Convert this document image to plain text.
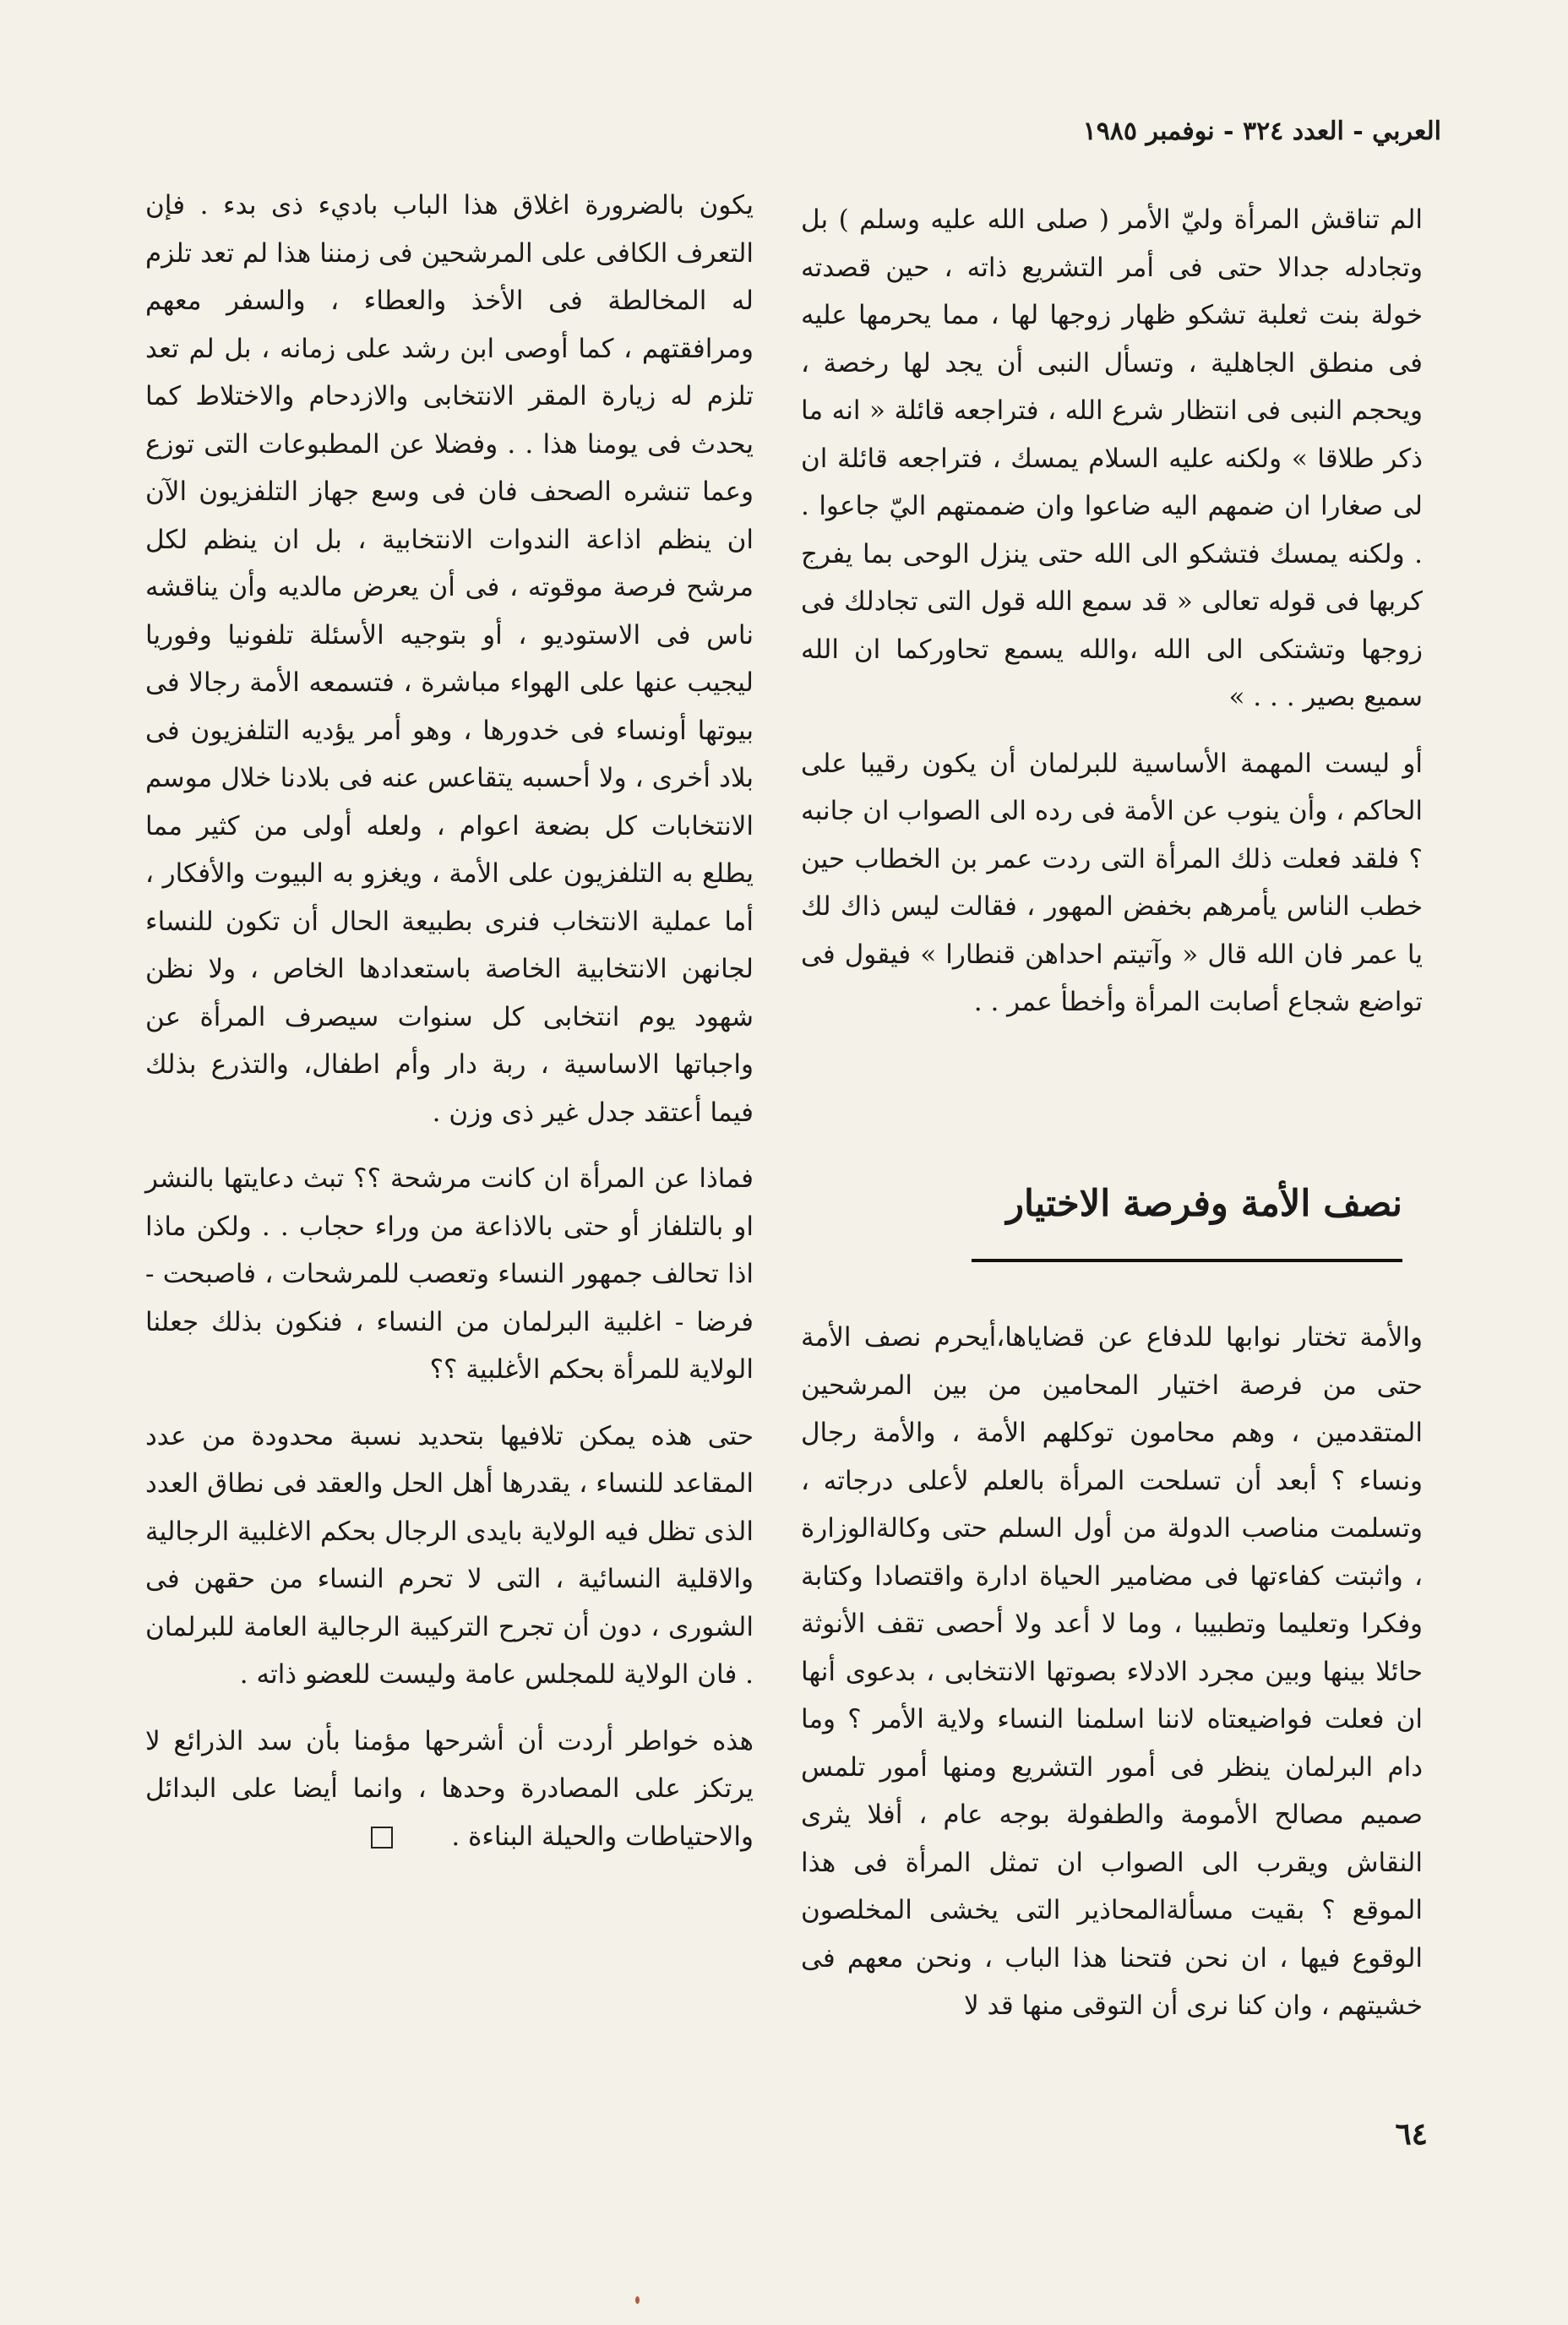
العربي - العدد ٣٢٤ - نوفمبر ١٩٨٥

الم تناقش المرأة وليّ الأمر ( صلى الله عليه وسلم ) بل وتجادله جدالا حتى فى أمر التشريع ذاته ، حين قصدته خولة بنت ثعلبة تشكو ظهار زوجها لها ، مما يحرمها عليه فى منطق الجاهلية ، وتسأل النبى أن يجد لها رخصة ، ويحجم النبى فى انتظار شرع الله ، فتراجعه قائلة « انه ما ذكر طلاقا » ولكنه عليه السلام يمسك ، فتراجعه قائلة ان لى صغارا ان ضمهم اليه ضاعوا وان ضممتهم اليّ جاعوا . . ولكنه يمسك فتشكو الى الله حتى ينزل الوحى بما يفرج كربها فى قوله تعالى « قد سمع الله قول التى تجادلك فى زوجها وتشتكى الى الله ،والله يسمع تحاوركما ان الله سميع بصير . . . »

أو ليست المهمة الأساسية للبرلمان أن يكون رقيبا على الحاكم ، وأن ينوب عن الأمة فى رده الى الصواب ان جانبه ؟ فلقد فعلت ذلك المرأة التى ردت عمر بن الخطاب حين خطب الناس يأمرهم بخفض المهور ، فقالت ليس ذاك لك يا عمر فان الله قال « وآتيتم احداهن قنطارا » فيقول فى تواضع شجاع أصابت المرأة وأخطأ عمر . .

نصف الأمة وفرصة الاختيار

والأمة تختار نوابها للدفاع عن قضاياها،أيحرم نصف الأمة حتى من فرصة اختيار المحامين من بين المرشحين المتقدمين ، وهم محامون توكلهم الأمة ، والأمة رجال ونساء ؟ أبعد أن تسلحت المرأة بالعلم لأعلى درجاته ، وتسلمت مناصب الدولة من أول السلم حتى وكالةالوزارة ، واثبتت كفاءتها فى مضامير الحياة ادارة واقتصادا وكتابة وفكرا وتعليما وتطبيبا ، وما لا أعد ولا أحصى تقف الأنوثة حائلا بينها وبين مجرد الادلاء بصوتها الانتخابى ، بدعوى أنها ان فعلت فواضيعتاه لاننا اسلمنا النساء ولاية الأمر ؟ وما دام البرلمان ينظر فى أمور التشريع ومنها أمور تلمس صميم مصالح الأمومة والطفولة بوجه عام ، أفلا يثرى النقاش ويقرب الى الصواب ان تمثل المرأة فى هذا الموقع ؟ بقيت مسألةالمحاذير التى يخشى المخلصون الوقوع فيها ، ان نحن فتحنا هذا الباب ، ونحن معهم فى خشيتهم ، وان كنا نرى أن التوقى منها قد لا

يكون بالضرورة اغلاق هذا الباب باديء ذى بدء . فإن التعرف الكافى على المرشحين فى زمننا هذا لم تعد تلزم له المخالطة فى الأخذ والعطاء ، والسفر معهم ومرافقتهم ، كما أوصى ابن رشد على زمانه ، بل لم تعد تلزم له زيارة المقر الانتخابى والازدحام والاختلاط كما يحدث فى يومنا هذا . . وفضلا عن المطبوعات التى توزع وعما تنشره الصحف فان فى وسع جهاز التلفزيون الآن ان ينظم اذاعة الندوات الانتخابية ، بل ان ينظم لكل مرشح فرصة موقوته ، فى أن يعرض مالديه وأن يناقشه ناس فى الاستوديو ، أو بتوجيه الأسئلة تلفونيا وفوريا ليجيب عنها على الهواء مباشرة ، فتسمعه الأمة رجالا فى بيوتها أونساء فى خدورها ، وهو أمر يؤديه التلفزيون فى بلاد أخرى ، ولا أحسبه يتقاعس عنه فى بلادنا خلال موسم الانتخابات كل بضعة اعوام ، ولعله أولى من كثير مما يطلع به التلفزيون على الأمة ، ويغزو به البيوت والأفكار ، أما عملية الانتخاب فنرى بطبيعة الحال أن تكون للنساء لجانهن الانتخابية الخاصة باستعدادها الخاص ، ولا نظن شهود يوم انتخابى كل سنوات سيصرف المرأة عن واجباتها الاساسية ، ربة دار وأم اطفال، والتذرع بذلك فيما أعتقد جدل غير ذى وزن .

فماذا عن المرأة ان كانت مرشحة ؟؟ تبث دعايتها بالنشر او بالتلفاز أو حتى بالاذاعة من وراء حجاب . . ولكن ماذا اذا تحالف جمهور النساء وتعصب للمرشحات ، فاصبحت - فرضا - اغلبية البرلمان من النساء ، فنكون بذلك جعلنا الولاية للمرأة بحكم الأغلبية ؟؟

حتى هذه يمكن تلافيها بتحديد نسبة محدودة من عدد المقاعد للنساء ، يقدرها أهل الحل والعقد فى نطاق العدد الذى تظل فيه الولاية بايدى الرجال بحكم الاغلبية الرجالية والاقلية النسائية ، التى لا تحرم النساء من حقهن فى الشورى ، دون أن تجرح التركيبة الرجالية العامة للبرلمان . فان الولاية للمجلس عامة وليست للعضو ذاته .

هذه خواطر أردت أن أشرحها مؤمنا بأن سد الذرائع لا يرتكز على المصادرة وحدها ، وانما أيضا على البدائل والاحتياطات والحيلة البناءة .

٦٤
